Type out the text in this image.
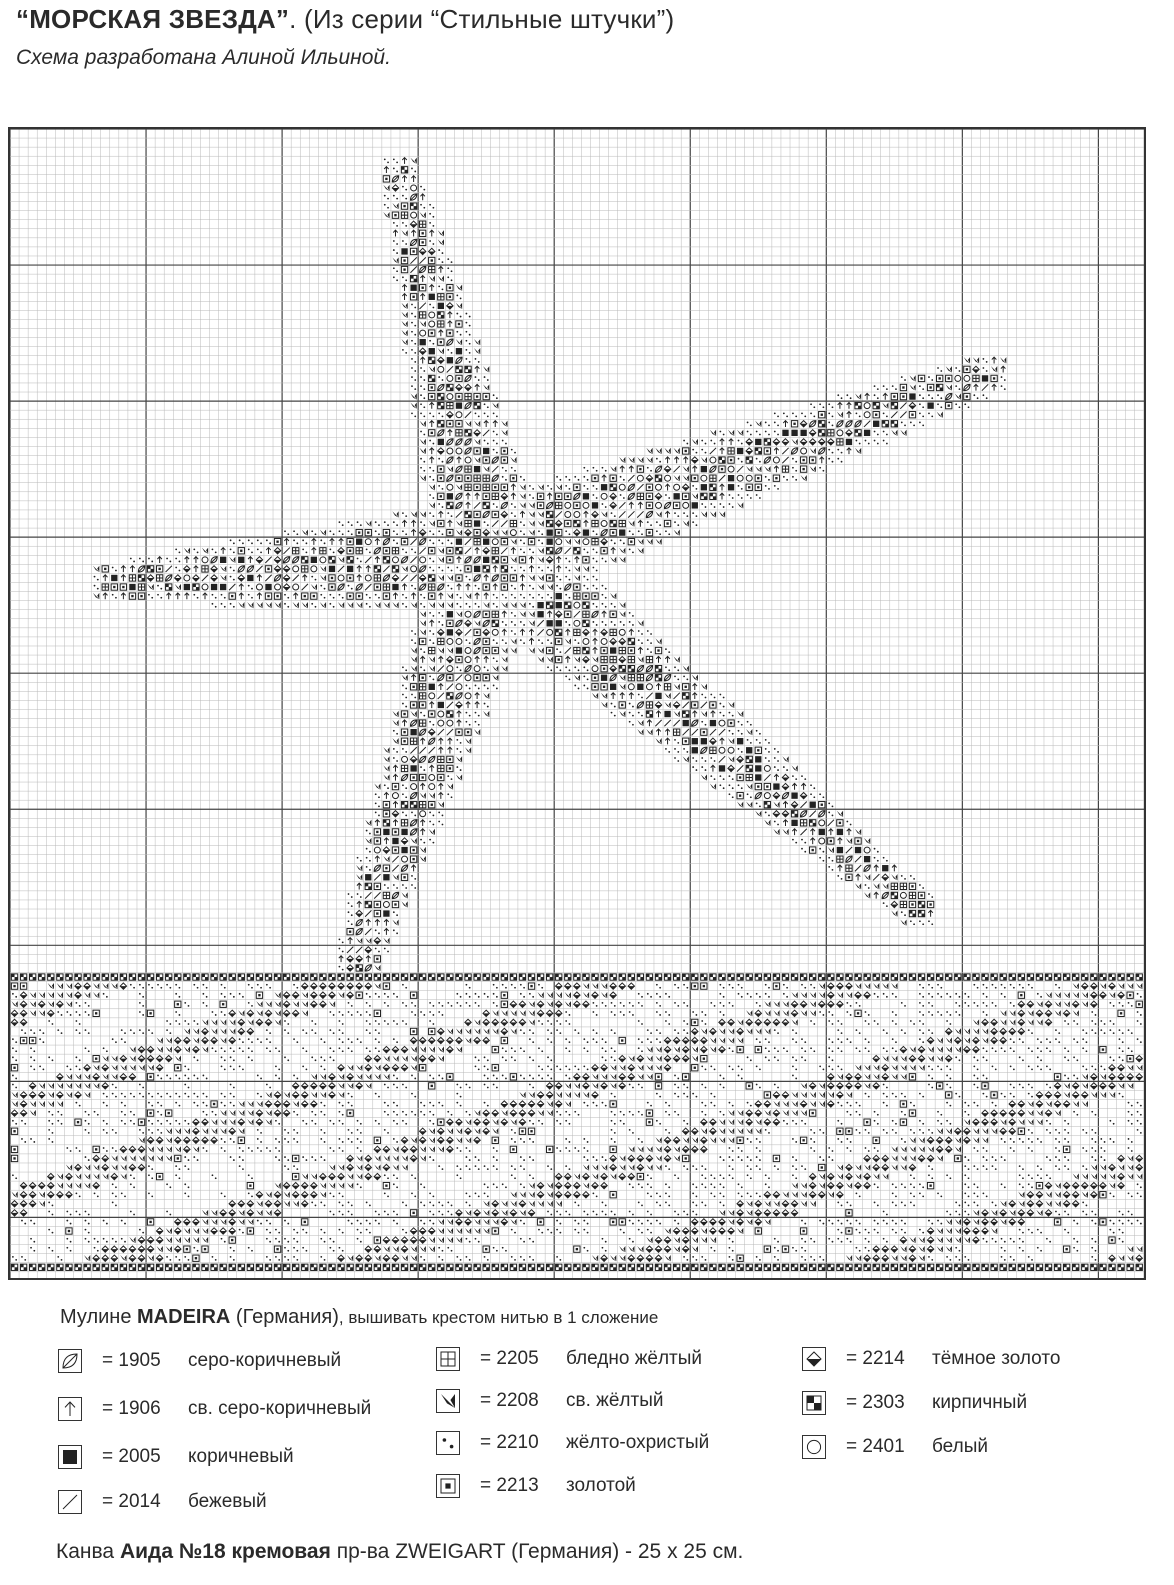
“МОРСКАЯ ЗВЕЗДА”. (Из серии “Стильные штучки”)
Схема разработана Алиной Ильиной.
Мулине MADEIRA (Германия), вышивать крестом нитью в 1 сложение
= 1905	серо-коричневый
= 1906	св. серо-коричневый
= 2005	коричневый
= 2014	бежевый
= 2205	бледно жёлтый
= 2208	св. жёлтый
= 2210	жёлто-охристый
= 2213	золотой
= 2214	тёмное золото
= 2303	кирпичный
= 2401	белый
Канва Аида №18 кремовая пр-ва ZWEIGART (Германия) - 25 x 25 см.
